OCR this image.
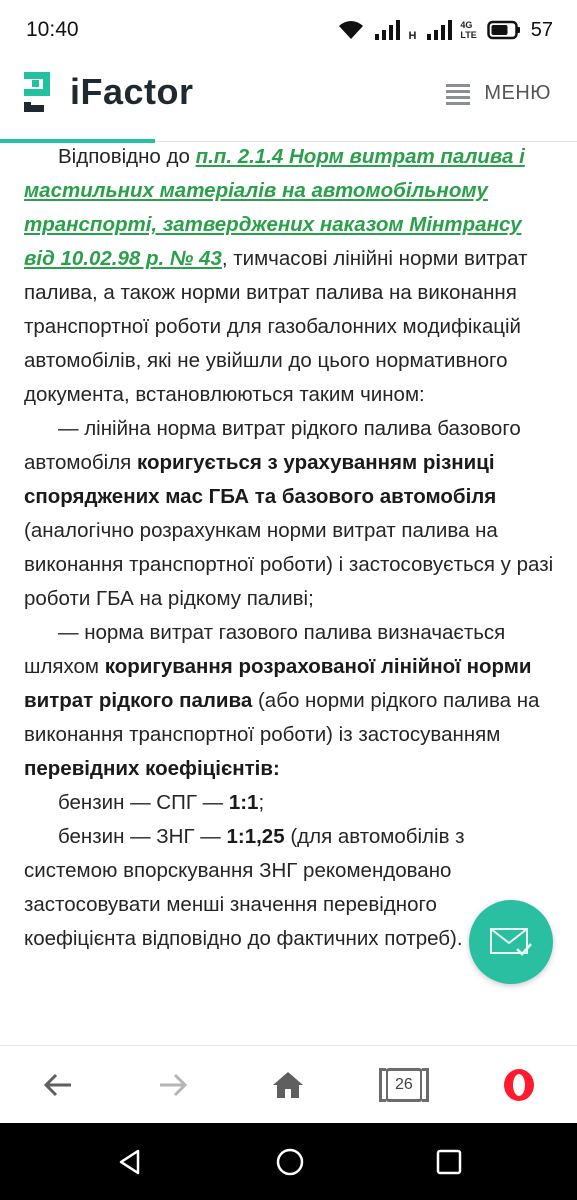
10:40	H
4G
LTE	57
iFactor	МЕНЮ

Відповідно до п.п. 2.1.4 Норм витрат палива і мастильних матеріалів на автомобільному транспорті, затверджених наказом Мінтрансу від 10.02.98 р. № 43, тимчасові лінійні норми витрат палива, а також норми витрат палива на виконання транспортної роботи для газобалонних модифікацій автомобілів, які не увійшли до цього нормативного документа, встановлюються таким чином:

— лінійна норма витрат рідкого палива базового автомобіля коригується з урахуванням різниці споряджених мас ГБА та базового автомобіля (аналогічно розрахункам норми витрат палива на виконання транспортної роботи) і застосовується у разі роботи ГБА на рідкому паливі;

— норма витрат газового палива визначається шляхом коригування розрахованої лінійної норми витрат рідкого палива (або норми рідкого палива на виконання транспортної роботи) із застосуванням перевідних коефіцієнтів:

бензин — СПГ — 1:1;

бензин — ЗНГ — 1:1,25 (для автомобілів з системою впорскування ЗНГ рекомендовано застосовувати менші значення перевідного коефіцієнта відповідно до фактичних потреб).

26
